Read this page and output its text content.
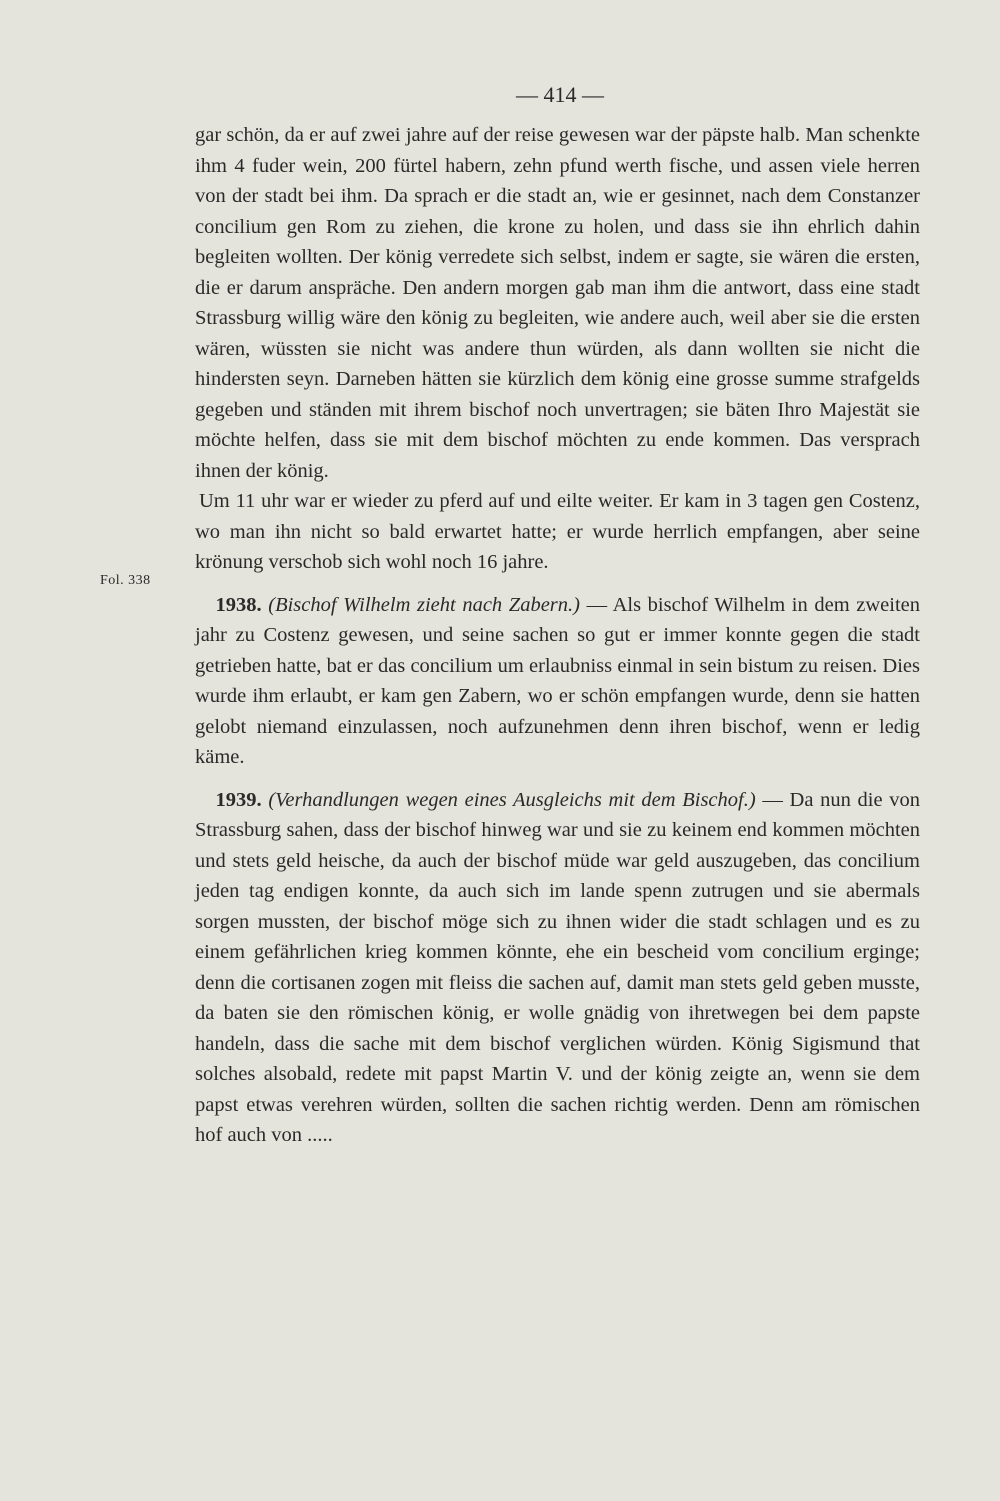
— 414 —
Fol. 338

gar schön, da er auf zwei jahre auf der reise gewesen war der päpste halb. Man schenkte ihm 4 fuder wein, 200 fürtel habern, zehn pfund werth fische, und assen viele herren von der stadt bei ihm. Da sprach er die stadt an, wie er gesinnet, nach dem Constanzer concilium gen Rom zu ziehen, die krone zu holen, und dass sie ihn ehrlich dahin begleiten wollten. Der könig verredete sich selbst, indem er sagte, sie wären die ersten, die er darum anspräche. Den andern morgen gab man ihm die antwort, dass eine stadt Strassburg willig wäre den könig zu begleiten, wie andere auch, weil aber sie die ersten wären, wüssten sie nicht was andere thun würden, als dann wollten sie nicht die hindersten seyn. Darneben hätten sie kürzlich dem könig eine grosse summe strafgelds gegeben und ständen mit ihrem bischof noch unvertragen; sie bäten Ihro Majestät sie möchte helfen, dass sie mit dem bischof möchten zu ende kommen. Das versprach ihnen der könig.

Um 11 uhr war er wieder zu pferd auf und eilte weiter. Er kam in 3 tagen gen Costenz, wo man ihn nicht so bald erwartet hatte; er wurde herrlich empfangen, aber seine krönung verschob sich wohl noch 16 jahre.

 1938. (Bischof Wilhelm zieht nach Zabern.) — Als bischof Wilhelm in dem zweiten jahr zu Costenz gewesen, und seine sachen so gut er immer konnte gegen die stadt getrieben hatte, bat er das concilium um erlaubniss einmal in sein bistum zu reisen. Dies wurde ihm erlaubt, er kam gen Zabern, wo er schön empfangen wurde, denn sie hatten gelobt niemand einzulassen, noch aufzunehmen denn ihren bischof, wenn er ledig käme.

 1939. (Verhandlungen wegen eines Ausgleichs mit dem Bischof.) — Da nun die von Strassburg sahen, dass der bischof hinweg war und sie zu keinem end kommen möchten und stets geld heische, da auch der bischof müde war geld auszugeben, das concilium jeden tag endigen konnte, da auch sich im lande spenn zutrugen und sie abermals sorgen mussten, der bischof möge sich zu ihnen wider die stadt schlagen und es zu einem gefährlichen krieg kommen könnte, ehe ein bescheid vom concilium erginge; denn die cortisanen zogen mit fleiss die sachen auf, damit man stets geld geben musste, da baten sie den römischen könig, er wolle gnädig von ihretwegen bei dem papste handeln, dass die sache mit dem bischof verglichen würden. König Sigismund that solches alsobald, redete mit papst Martin V. und der könig zeigte an, wenn sie dem papst etwas verehren würden, sollten die sachen richtig werden. Denn am römischen hof auch von .....
